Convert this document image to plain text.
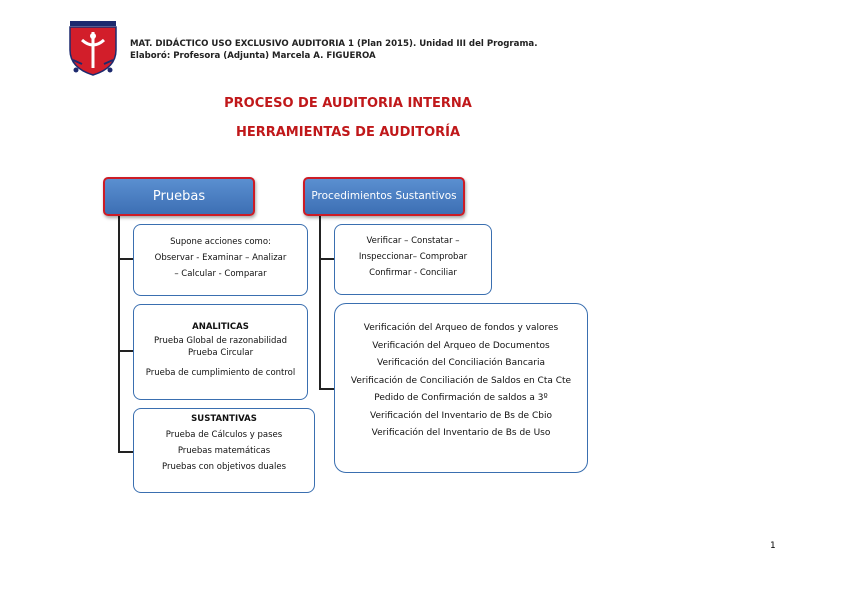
MAT. DIDÁCTICO USO EXCLUSIVO AUDITORIA 1 (Plan 2015). Unidad III del Programa.
Elaboró: Profesora (Adjunta) Marcela A. FIGUEROA
PROCESO DE AUDITORIA INTERNA
HERRAMIENTAS DE AUDITORÍA
Pruebas
Supone acciones como:
Observar - Examinar – Analizar
– Calcular - Comparar
ANALITICAS
Prueba Global de razonabilidad
Prueba Circular
Prueba de cumplimiento de control
SUSTANTIVAS
Prueba de Cálculos y pases
Pruebas matemáticas
Pruebas con objetivos duales
Procedimientos Sustantivos
Verificar – Constatar –
Inspeccionar– Comprobar
Confirmar - Conciliar
Verificación del Arqueo de fondos y valores
Verificación del Arqueo de Documentos
Verificación del Conciliación Bancaria
Verificación de Conciliación de Saldos en Cta Cte
Pedido de Confirmación de saldos a 3º
Verificación del Inventario de Bs de Cbio
Verificación del Inventario de Bs de Uso
1
